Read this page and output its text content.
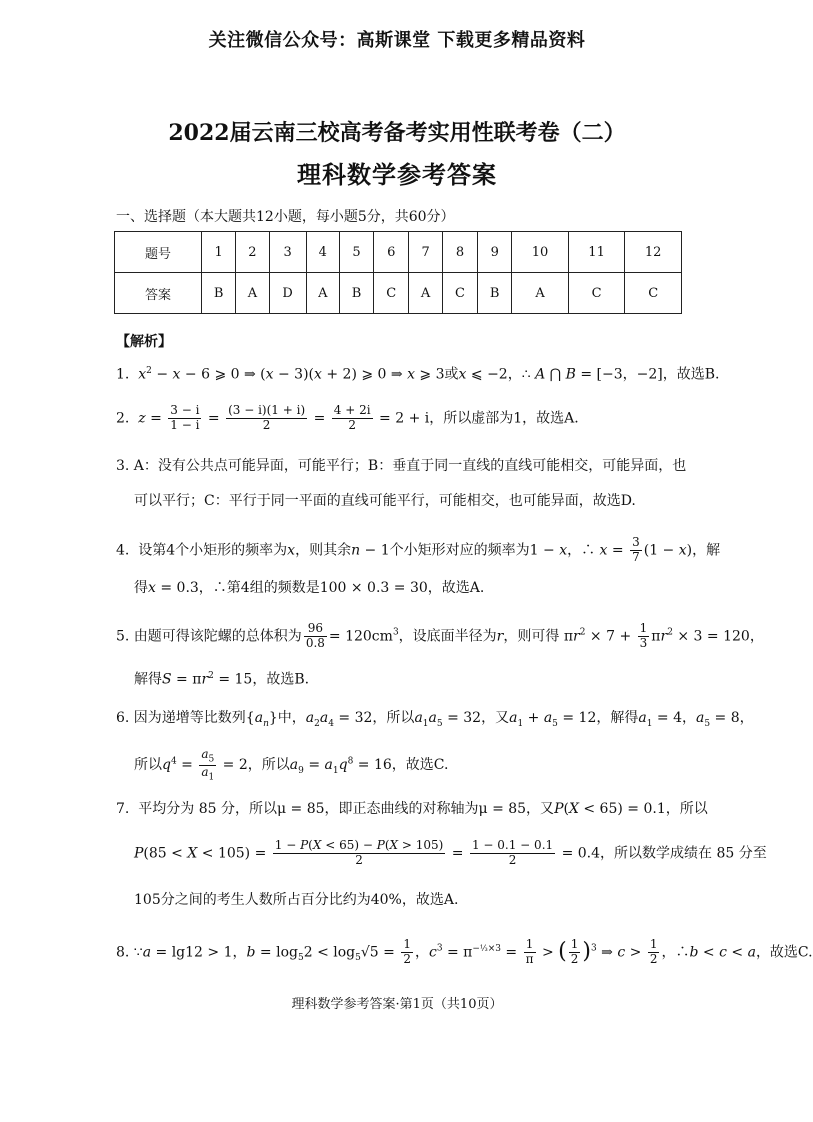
关注微信公众号：高斯课堂 下载更多精品资料
2022届云南三校高考备考实用性联考卷（二）
理科数学参考答案
一、选择题（本大题共12小题，每小题5分，共60分）
题号	1	2	3	4	5	6	7	8	9	10	11	12
答案	B	A	D	A	B	C	A	C	B	A	C	C
【解析】
1.  $x^2 - x - 6$ ⩾ 0 ⇒ (x − 3)(x + 2) ⩾ 0 ⇒ x ⩾ 3或x ⩽ −2，∴ A ⋂ B = [−3，−2]，故选B.
2.  $z = \frac{3 - i}{1 - i} = \frac{(3 - i)(1 + i)}{2} = \frac{4 + 2i}{2} = 2 + i$，所以虚部为1，故选A.
3. A：没有公共点可能异面，可能平行；B：垂直于同一直线的直线可能相交，可能异面，也
可以平行；C：平行于同一平面的直线可能平行，可能相交，也可能异面，故选D.
4.  设第4个小矩形的频率为x，则其余n − 1个小矩形对应的频率为1 − x，∴ $x = \frac{3}{7} (1 - x)$，解
得x = 0.3，∴第4组的频数是100 × 0.3 = 30，故选A.
5. 由题可得该陀螺的总体积为 $\frac{96}{0.8} = 120cm^3$，设底面半径为r，则可得 $\pi r^2 \times 7 + \frac{1}{3} \pi r^2 \times 3 = 120$，
解得$S = \pi r^2 = 15$，故选B.
6. 因为递增等比数列$\{a_n\}$中，$a_2a_4 = 32$，所以$a_1a_5 = 32$，又$a_1 + a_5 = 12$，解得$a_1 = 4$，$a_5 = 8$，
所以$q^4 = \frac{a_5}{a_1} = 2$，所以$a_9 = a_1q^8 = 16$，故选C.
7.  平均分为 85 分，所以μ = 85，即正态曲线的对称轴为μ = 85，又P(X < 65) = 0.1，所以
$P(85 < X < 105) = \frac{1 - P(X < 65) - P(X > 105)}{2} = \frac{1 - 0.1 - 0.1}{2} = 0.4$，所以数学成绩在 85 分至
105分之间的考生人数所占百分比约为40%，故选A.
8. ∵a = lg12 > 1，$b = \log_52 < \log_5√5 = \frac{1}{2}$ ，$c^3 = \pi^{-\frac{1}{3}\times 3} = \frac{1}{\pi}$ > ( $\frac{1}{2} )^3$ ⇒ $c > \frac{1}{2}$ ，∴b < c < a，故选C.
理科数学参考答案·第1页（共10页）
